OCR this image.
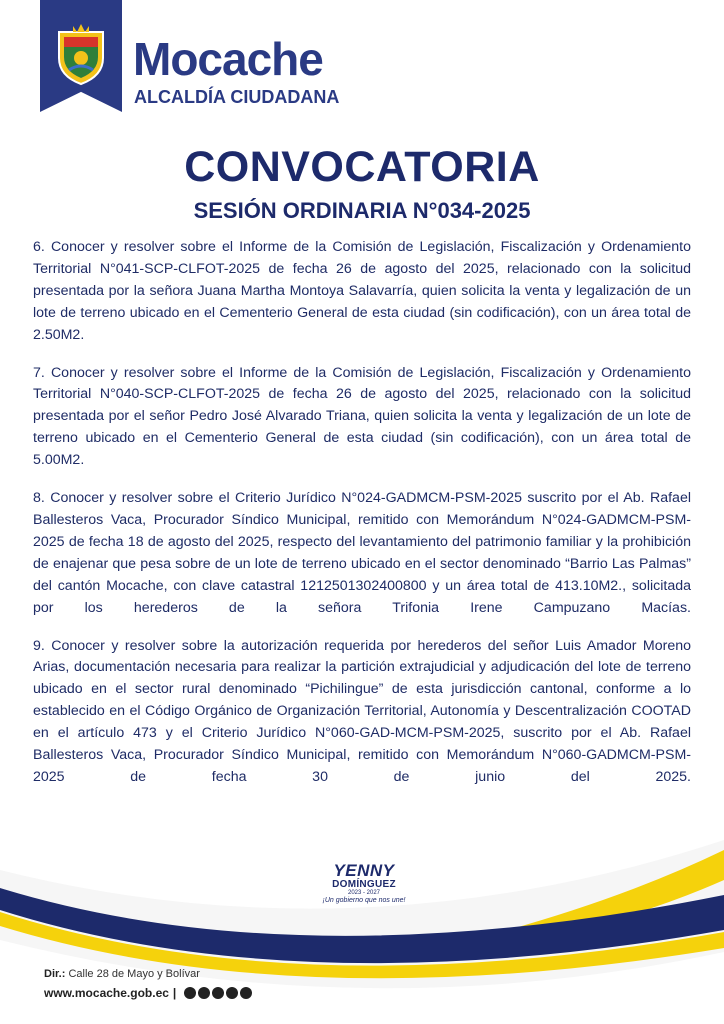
Mocache
ALCALDÍA CIUDADANA
CONVOCATORIA
SESIÓN ORDINARIA N°034-2025

6. Conocer y resolver sobre el Informe de la Comisión de Legislación, Fiscalización y Ordenamiento Territorial N°041-SCP-CLFOT-2025 de fecha 26 de agosto del 2025, relacionado con la solicitud presentada por la señora Juana Martha Montoya Salavarría, quien solicita la venta y legalización de un lote de terreno ubicado en el Cementerio General de esta ciudad (sin codificación), con un área total de 2.50M2.

7. Conocer y resolver sobre el Informe de la Comisión de Legislación, Fiscalización y Ordenamiento Territorial N°040-SCP-CLFOT-2025 de fecha 26 de agosto del 2025, relacionado con la solicitud presentada por el señor Pedro José Alvarado Triana, quien solicita la venta y legalización de un lote de terreno ubicado en el Cementerio General de esta ciudad (sin codificación), con un área total de 5.00M2.

8. Conocer y resolver sobre el Criterio Jurídico N°024-GADMCM-PSM-2025 suscrito por el Ab. Rafael Ballesteros Vaca, Procurador Síndico Municipal, remitido con Memorándum N°024-GADMCM-PSM-2025 de fecha 18 de agosto del 2025, respecto del levantamiento del patrimonio familiar y la prohibición de enajenar que pesa sobre de un lote de terreno ubicado en el sector denominado “Barrio Las Palmas” del cantón Mocache, con clave catastral 1212501302400800 y un área total de 413.10M2., solicitada por los herederos de la señora Trifonia Irene Campuzano Macías.

9. Conocer y resolver sobre la autorización requerida por herederos del señor Luis Amador Moreno Arias, documentación necesaria para realizar la partición extrajudicial y adjudicación del lote de terreno ubicado en el sector rural denominado “Pichilingue” de esta jurisdicción cantonal, conforme a lo establecido en el Código Orgánico de Organización Territorial, Autonomía y Descentralización COOTAD en el artículo 473 y el Criterio Jurídico N°060-GAD-MCM-PSM-2025, suscrito por el Ab. Rafael Ballesteros Vaca, Procurador Síndico Municipal, remitido con Memorándum N°060-GADMCM-PSM-2025 de fecha 30 de junio del 2025.

YENNY
DOMÍNGUEZ
2023 - 2027
¡Un gobierno que nos une!
Dir.: Calle 28 de Mayo y Bolívar
www.mocache.gob.ec |
